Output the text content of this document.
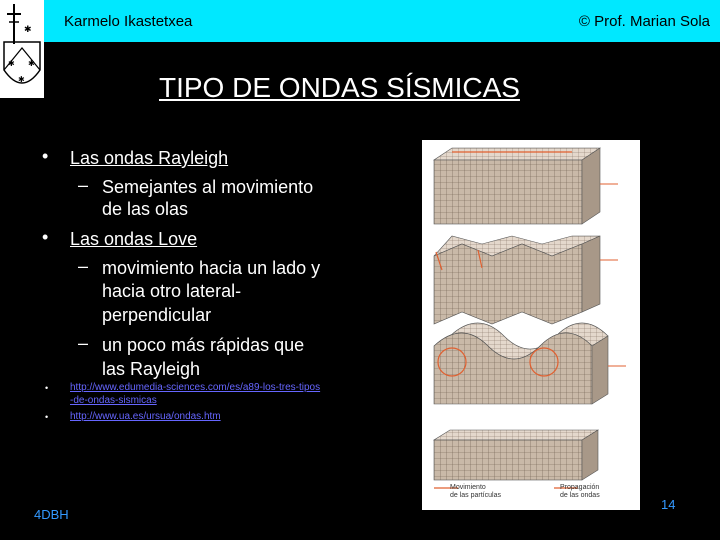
Karmelo Ikastetxea	© Prof. Marian Sola
✱
✱ ✱
✱	TIPO DE ONDAS SÍSMICAS
• Las ondas Rayleigh
– Semejantes al movimiento
de las olas
• Las ondas Love
– movimiento hacia un lado y
hacia otro lateral-
perpendicular
– un poco más rápidas que
las Rayleigh
• http://www.edumedia-sciences.com/es/a89-los-tres-tipos
-de-ondas-sismicas
• http://www.ua.es/ursua/ondas.htm
Movimiento
de las partículas
Propagación
de las ondas
4DBH
14
